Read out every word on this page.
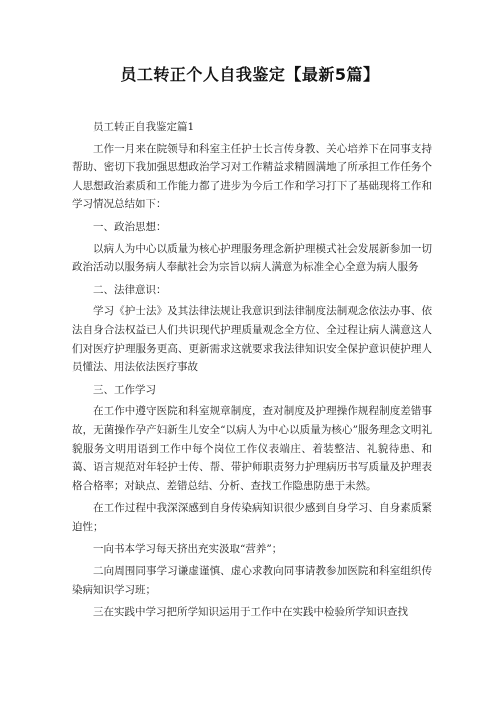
员工转正个人自我鉴定【最新5篇】

员工转正自我鉴定篇1

工作一月来在院领导和科室主任护士长言传身教、关心培养下在同事支持帮助、密切下我加强思想政治学习对工作精益求精圆满地了所承担工作任务个人思想政治素质和工作能力都了进步为今后工作和学习打下了基础现将工作和学习情况总结如下：

一、政治思想：

以病人为中心以质量为核心护理服务理念新护理模式社会发展新参加一切政治活动以服务病人奉献社会为宗旨以病人满意为标准全心全意为病人服务

二、法律意识：

学习《护士法》及其法律法规让我意识到法律制度法制观念依法办事、依法自身合法权益已人们共识现代护理质量观念全方位、全过程让病人满意这人们对医疗护理服务更高、更新需求这就要求我法律知识安全保护意识使护理人员懂法、用法依法医疗事故

三、工作学习

在工作中遵守医院和科室规章制度，查对制度及护理操作规程制度差错事故，无菌操作孕产妇新生儿安全“以病人为中心以质量为核心”服务理念文明礼貌服务文明用语到工作中每个岗位工作仪表端庄、着装整洁、礼貌待患、和蔼、语言规范对年轻护士传、帮、带护师职责努力护理病历书写质量及护理表格合格率；对缺点、差错总结、分析、查找工作隐患防患于未然。

在工作过程中我深深感到自身传染病知识很少感到自身学习、自身素质紧迫性；

一向书本学习每天挤出充实汲取“营养”；

二向周围同事学习谦虚谨慎、虚心求教向同事请教参加医院和科室组织传染病知识学习班；

三在实践中学习把所学知识运用于工作中在实践中检验所学知识查找
